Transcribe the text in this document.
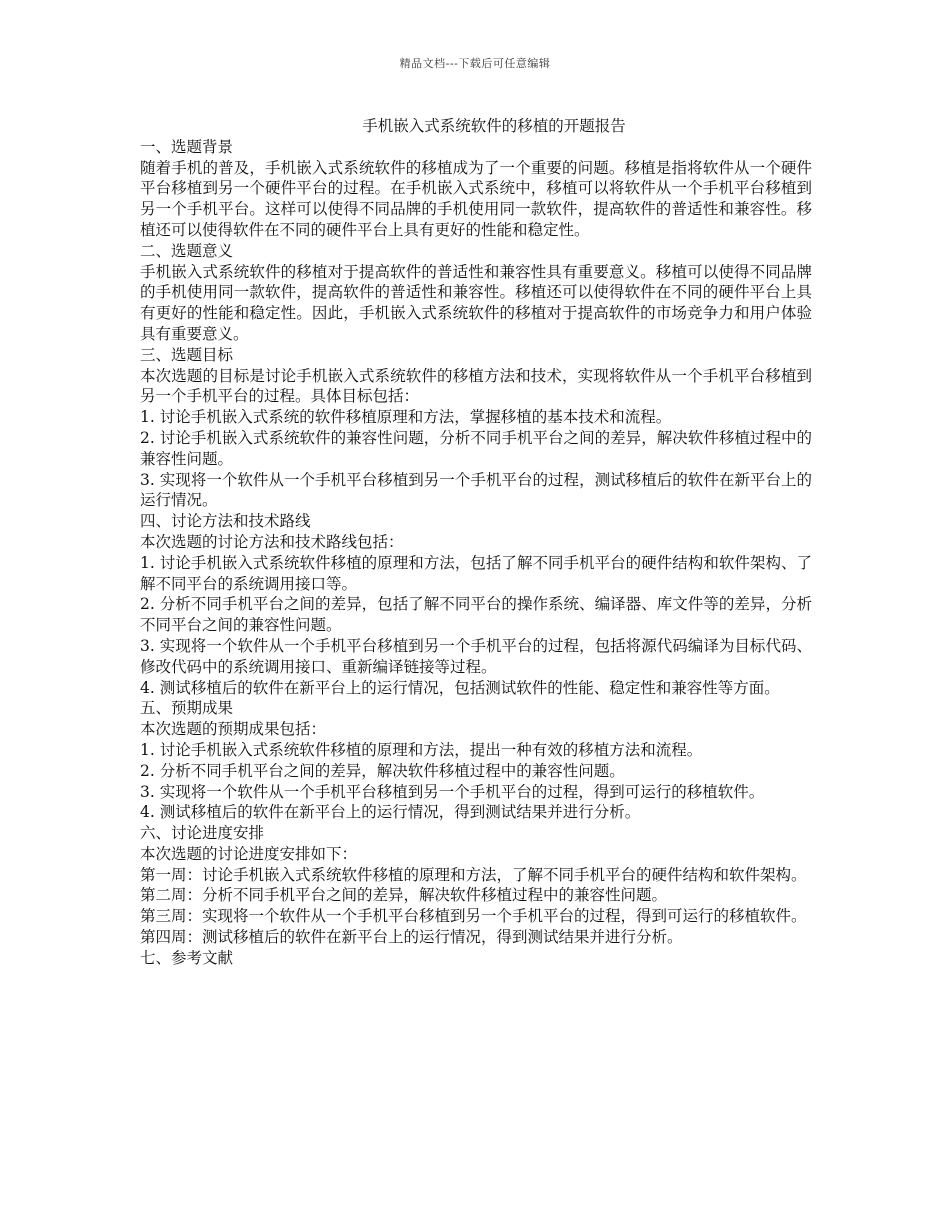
精品文档---下载后可任意编辑

手机嵌入式系统软件的移植的开题报告

一、选题背景

随着手机的普及，手机嵌入式系统软件的移植成为了一个重要的问题。移植是指将软件从一个硬件平台移植到另一个硬件平台的过程。在手机嵌入式系统中，移植可以将软件从一个手机平台移植到另一个手机平台。这样可以使得不同品牌的手机使用同一款软件，提高软件的普适性和兼容性。移植还可以使得软件在不同的硬件平台上具有更好的性能和稳定性。

二、选题意义

手机嵌入式系统软件的移植对于提高软件的普适性和兼容性具有重要意义。移植可以使得不同品牌的手机使用同一款软件，提高软件的普适性和兼容性。移植还可以使得软件在不同的硬件平台上具有更好的性能和稳定性。因此，手机嵌入式系统软件的移植对于提高软件的市场竞争力和用户体验具有重要意义。

三、选题目标

本次选题的目标是讨论手机嵌入式系统软件的移植方法和技术，实现将软件从一个手机平台移植到另一个手机平台的过程。具体目标包括：

1. 讨论手机嵌入式系统的软件移植原理和方法，掌握移植的基本技术和流程。

2. 讨论手机嵌入式系统软件的兼容性问题，分析不同手机平台之间的差异，解决软件移植过程中的兼容性问题。

3. 实现将一个软件从一个手机平台移植到另一个手机平台的过程，测试移植后的软件在新平台上的运行情况。

四、讨论方法和技术路线

本次选题的讨论方法和技术路线包括：

1. 讨论手机嵌入式系统软件移植的原理和方法，包括了解不同手机平台的硬件结构和软件架构、了解不同平台的系统调用接口等。

2. 分析不同手机平台之间的差异，包括了解不同平台的操作系统、编译器、库文件等的差异，分析不同平台之间的兼容性问题。

3. 实现将一个软件从一个手机平台移植到另一个手机平台的过程，包括将源代码编译为目标代码、修改代码中的系统调用接口、重新编译链接等过程。

4. 测试移植后的软件在新平台上的运行情况，包括测试软件的性能、稳定性和兼容性等方面。

五、预期成果

本次选题的预期成果包括：

1. 讨论手机嵌入式系统软件移植的原理和方法，提出一种有效的移植方法和流程。

2. 分析不同手机平台之间的差异，解决软件移植过程中的兼容性问题。

3. 实现将一个软件从一个手机平台移植到另一个手机平台的过程，得到可运行的移植软件。

4. 测试移植后的软件在新平台上的运行情况，得到测试结果并进行分析。

六、讨论进度安排

本次选题的讨论进度安排如下：

第一周：讨论手机嵌入式系统软件移植的原理和方法，了解不同手机平台的硬件结构和软件架构。

第二周：分析不同手机平台之间的差异，解决软件移植过程中的兼容性问题。

第三周：实现将一个软件从一个手机平台移植到另一个手机平台的过程，得到可运行的移植软件。

第四周：测试移植后的软件在新平台上的运行情况，得到测试结果并进行分析。

七、参考文献
